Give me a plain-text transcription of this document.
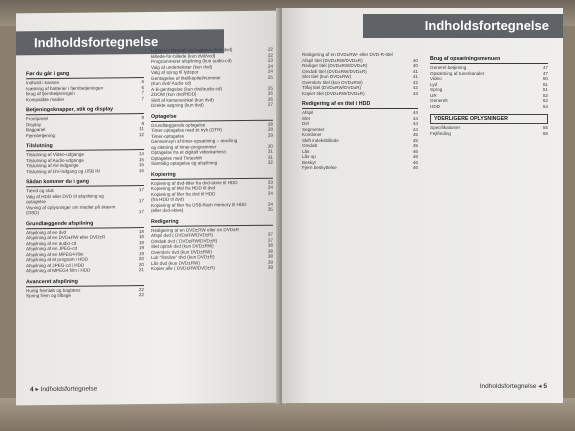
Indholdsfortegnelse
Før du går i gang
Indhold i kassen	6
Isætning af batterier i fjernbetjeningen	6
Brug af fjernbetjeningen	7
Kompatible medier	7
Betjeningsknapper, stik og display
Frontpanel	8
Display	9
Bagpanel	11
Fjernbetjening	12
Tilslutning
Tilslutning af Video-udgange	14
Tilslutning af Audio-udgange	15
Tilslutning af AV-indgange	15
Tilslutning af DV-indgang og USB IN	16
Sådan kommer du i gang
Tænd og sluk	17
Valg af HDD eller DVD til afspilning og
optagelse	17
Visning af oplysninger om mediet på skærm
(OSD)	17
Grundlæggende afspilning
Afspilning af en dvd	18
Afspilning af en DVD±RW eller DVD±R	18
Afspilning af en audio-cd	18
Afspilning af en JPEG-cd	19
Afspilning af en MPEG4-film	19
Afspilning af et program i HDD	20
Afspilning af JPEG-cd i HDD	20
Afspilning af MPEG4 film i HDD	21
Avanceret afspilning
Hurtig fremløb og baglæns	22
Spring frem og tilbage	22
Langsom fremløb og baglæns (kun dvd)	22
Billede-for-billede (kun dvd/vcd)	22
Programmeret afspilning (kun audio-cd)	23
Valg af undertekster (kun dvd)	24
Valg af sprog til lydspor	24
Gentagelse af titel/kapitel/nummer	25
(Kun dvd/ Audio cd)
A-B-gentagelse (kun dvd/audio-cd)	25
ZOOM (kun dvd/HDD)	26
Skift af kameravinkel (kun dvd)	26
Direkte søgning (kun dvd)	27
Optagelse
Grundlæggende optagelse	28
Timer-optagelse med ét tryk (OTR)	28
Timer-optagelse	29
Gennemsyn af timer-opsætning – ændring
og sletning af timer-programmer	30
Optagelse fra et digitalt videokamera	31
Optagelse med Timeshift	31
Samtidig optagelse og afspilning	32
Kopiering
Kopiering af dvd-titler fra dvd-skive til HDD	33
Kopiering af titel fra HDD til dvd	34
Kopiering af filer fra dvd til HDD	34
(fra HDD til dvd)
Kopiering af filer fra USB-flash memory til HDD	34
(eller dvd-skive)	35
Redigering
Redigering af en DVD±RW eller en DVD±R
Afspil dvd ( DVD±RW/DVD±R)	37
Omdøb dvd ( DVD±RW/DVD±R)	37
Slet optisk dvd (kun DVD±RW)	38
Overskriv dvd (kun DVD±RW)	38
Luk "finalize" dvd (kun DVD±R)	38
Lås dvd (kun DVD±RW)	39
Kopier alle ( DVD±RW/DVD±R)	39
4 ▸ Indholdsfortegnelse
Indholdsfortegnelse
Redigering af en DVD±RW- eller DVD-R-titel
Afspil titel (DVD±RW/DVD±R)	40
Rediger titel (DVD±RW/DVD±R)	40
Omdøb titel (DVD±RW/DVD±R)	41
Slet titel (kun DVD±RW)	41
Overskriv titel (kun DVD±RW)	42
Tilføj titel (DVD±RW/DVD±R)	42
Kopier titel (DVD±RW/DVD±R)	43
Redigering af en titel i HDD
Afspil	44
Slet	44
Del	44
Segmenter	44
Kombiner	45
Skift indeksbillede	45
Omdøb	45
Lås	46
Lås op	46
Beskyt	46
Fjern beskyttelse	46
Brug af opsætningsmenuen
Generel betjening	47
Opsætning af tunerkanaler	47
Video	50
Lyd	51
Sprog	51
UR	52
Generelt	52
HDD	54
YDERLIGERE OPLYSNINGER
Specifikationer	55
Fejlfinding	56
Indholdsfortegnelse ◂ 5
